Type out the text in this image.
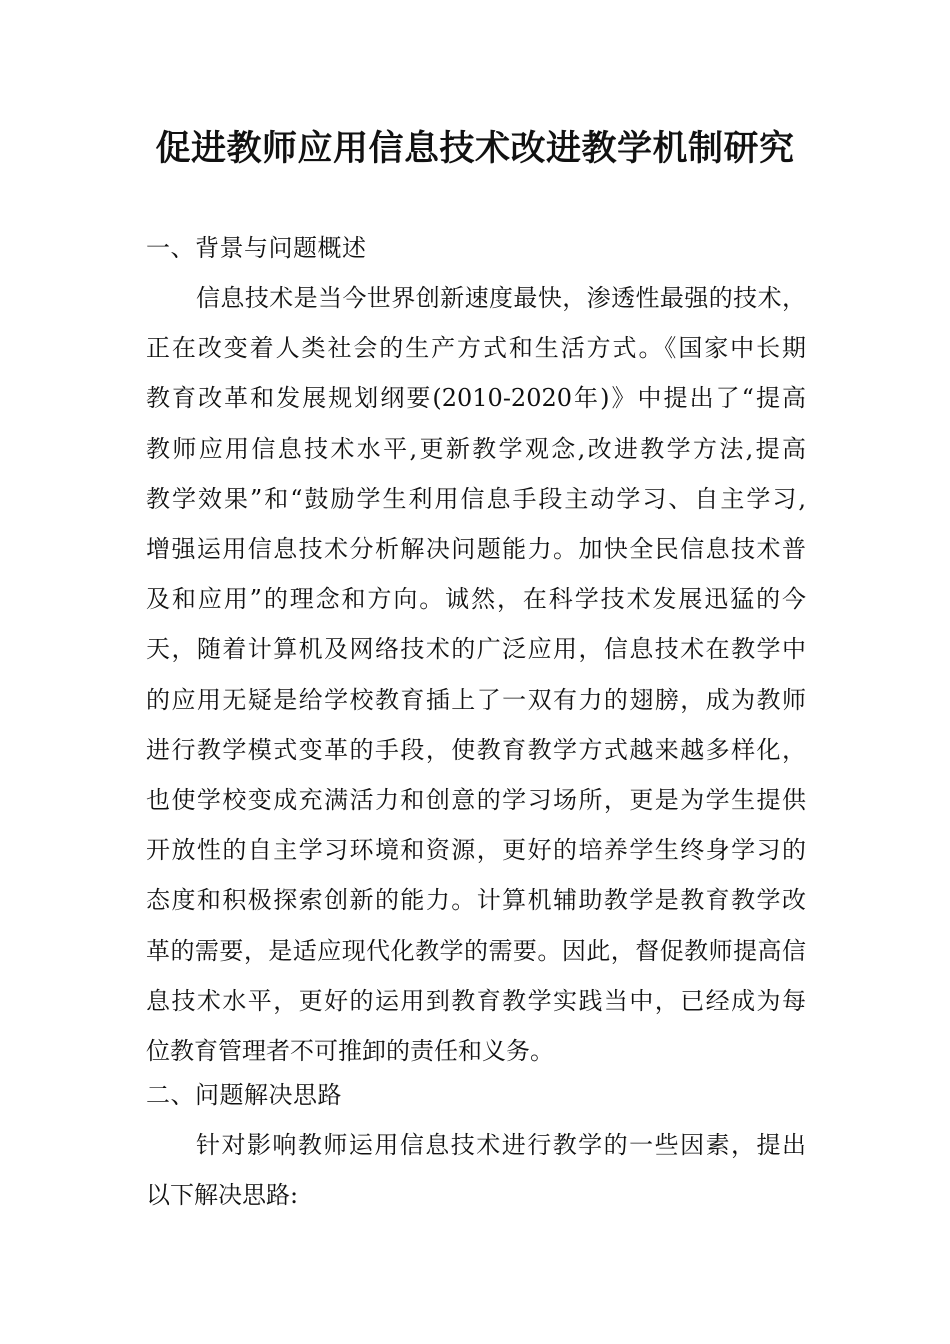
促进教师应用信息技术改进教学机制研究
一、背景与问题概述
信息技术是当今世界创新速度最快，渗透性最强的技术，
正在改变着人类社会的生产方式和生活方式。《国家中长期
教育改革和发展规划纲要(2010-2020年)》中提出了“提高
教师应用信息技术水平,更新教学观念,改进教学方法,提高
教学效果”和“鼓励学生利用信息手段主动学习、自主学习,
增强运用信息技术分析解决问题能力。加快全民信息技术普
及和应用”的理念和方向。诚然，在科学技术发展迅猛的今
天，随着计算机及网络技术的广泛应用，信息技术在教学中
的应用无疑是给学校教育插上了一双有力的翅膀，成为教师
进行教学模式变革的手段，使教育教学方式越来越多样化，
也使学校变成充满活力和创意的学习场所，更是为学生提供
开放性的自主学习环境和资源，更好的培养学生终身学习的
态度和积极探索创新的能力。计算机辅助教学是教育教学改
革的需要，是适应现代化教学的需要。因此，督促教师提高信
息技术水平，更好的运用到教育教学实践当中，已经成为每
位教育管理者不可推卸的责任和义务。
二、问题解决思路
针对影响教师运用信息技术进行教学的一些因素，提出
以下解决思路:
